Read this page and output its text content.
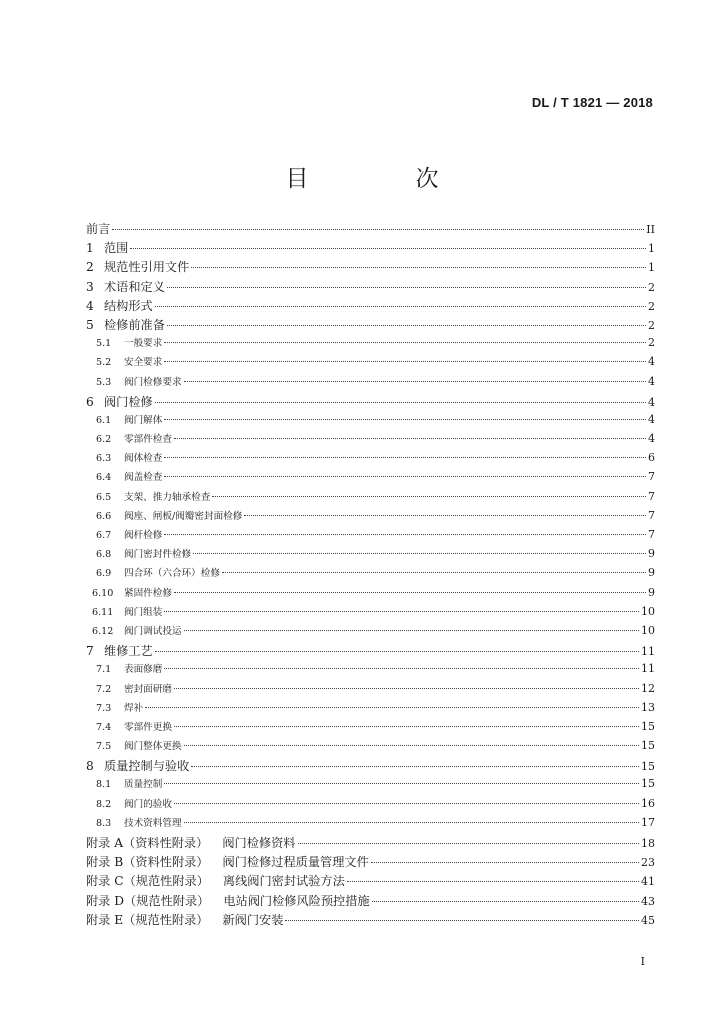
DL / T 1821 — 2018
目　次
前言	II
1 范围	1
2 规范性引用文件	1
3 术语和定义	2
4 结构形式	2
5 检修前准备	2
5.1	一般要求	2
5.2	安全要求	4
5.3	阀门检修要求	4
6 阀门检修	4
6.1	阀门解体	4
6.2	零部件检查	4
6.3	阀体检查	6
6.4	阀盖检查	7
6.5	支架、推力轴承检查	7
6.6	阀座、闸板/阀瓣密封面检修	7
6.7	阀杆检修	7
6.8	阀门密封件检修	9
6.9	四合环（六合环）检修	9
6.10	紧固件检修	9
6.11	阀门组装	10
6.12	阀门调试投运	10
7 维修工艺	11
7.1	表面修磨	11
7.2	密封面研磨	12
7.3	焊补	13
7.4	零部件更换	15
7.5	阀门整体更换	15
8 质量控制与验收	15
8.1	质量控制	15
8.2	阀门的验收	16
8.3	技术资料管理	17
附录 A（资料性附录） 阀门检修资料	18
附录 B（资料性附录） 阀门检修过程质量管理文件	23
附录 C（规范性附录） 离线阀门密封试验方法	41
附录 D（规范性附录） 电站阀门检修风险预控措施	43
附录 E（规范性附录） 新阀门安装	45
I
